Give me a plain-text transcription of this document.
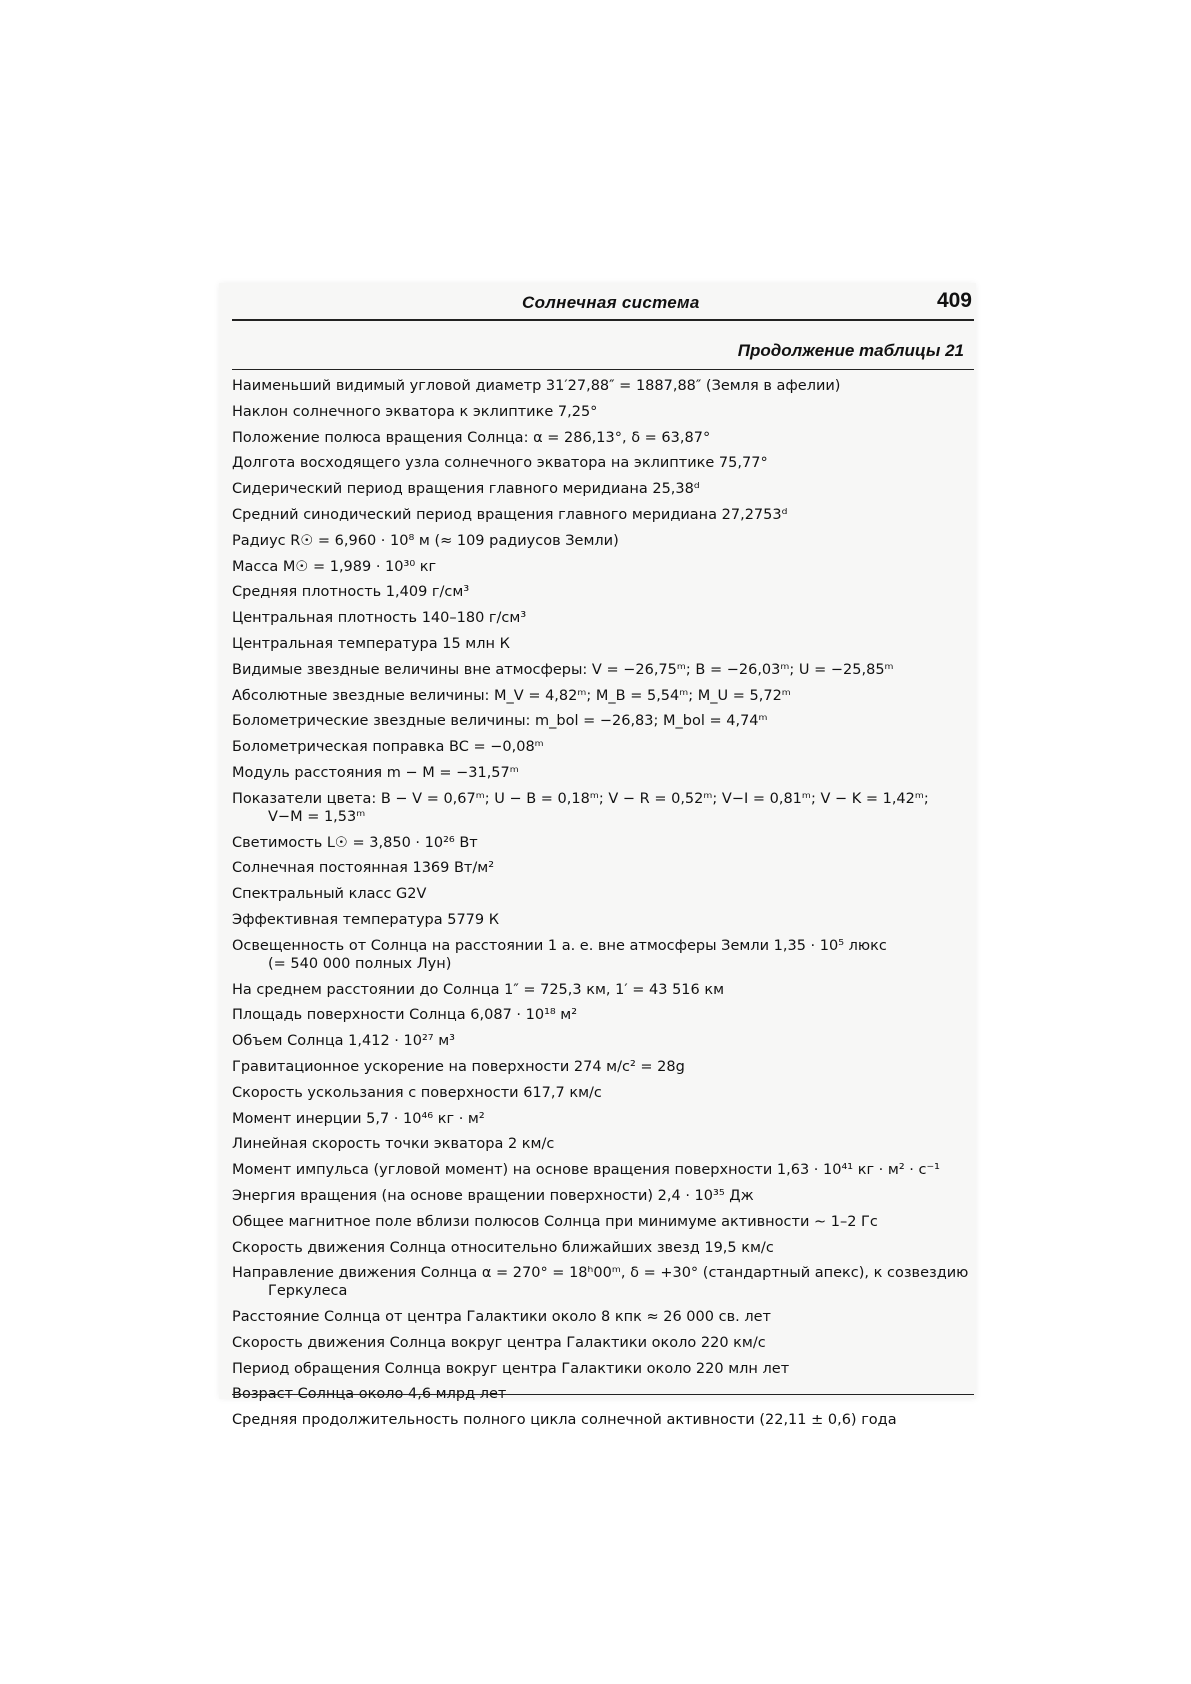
Солнечная система	409
Продолжение таблицы 21
Наименьший видимый угловой диаметр 31′27,88″ = 1887,88″ (Земля в афелии)
Наклон солнечного экватора к эклиптике 7,25°
Положение полюса вращения Солнца: α = 286,13°, δ = 63,87°
Долгота восходящего узла солнечного экватора на эклиптике 75,77°
Сидерический период вращения главного меридиана 25,38ᵈ
Средний синодический период вращения главного меридиана 27,2753ᵈ
Радиус R☉ = 6,960 · 10⁸ м (≈ 109 радиусов Земли)
Масса M☉ = 1,989 · 10³⁰ кг
Средняя плотность 1,409 г/см³
Центральная плотность 140–180 г/см³
Центральная температура 15 млн К
Видимые звездные величины вне атмосферы: V = −26,75ᵐ; B = −26,03ᵐ; U = −25,85ᵐ
Абсолютные звездные величины: M_V = 4,82ᵐ; M_B = 5,54ᵐ; M_U = 5,72ᵐ
Болометрические звездные величины: m_bol = −26,83; M_bol = 4,74ᵐ
Болометрическая поправка BC = −0,08ᵐ
Модуль расстояния m − M = −31,57ᵐ
Показатели цвета: B − V = 0,67ᵐ; U − B = 0,18ᵐ; V − R = 0,52ᵐ; V−I = 0,81ᵐ; V − K = 1,42ᵐ;
V−M = 1,53ᵐ
Светимость L☉ = 3,850 · 10²⁶ Вт
Солнечная постоянная 1369 Вт/м²
Спектральный класс G2V
Эффективная температура 5779 К
Освещенность от Солнца на расстоянии 1 а. е. вне атмосферы Земли 1,35 · 10⁵ люкс
(= 540 000 полных Лун)
На среднем расстоянии до Солнца 1″ = 725,3 км, 1′ = 43 516 км
Площадь поверхности Солнца 6,087 · 10¹⁸ м²
Объем Солнца 1,412 · 10²⁷ м³
Гравитационное ускорение на поверхности 274 м/с² = 28g
Скорость ускользания с поверхности 617,7 км/с
Момент инерции 5,7 · 10⁴⁶ кг · м²
Линейная скорость точки экватора 2 км/с
Момент импульса (угловой момент) на основе вращения поверхности 1,63 · 10⁴¹ кг · м² · с⁻¹
Энергия вращения (на основе вращении поверхности) 2,4 · 10³⁵ Дж
Общее магнитное поле вблизи полюсов Солнца при минимуме активности ∼ 1–2 Гс
Скорость движения Солнца относительно ближайших звезд 19,5 км/с
Направление движения Солнца α = 270° = 18ʰ00ᵐ, δ = +30° (стандартный апекс), к созвездию
Геркулеса
Расстояние Солнца от центра Галактики около 8 кпк ≈ 26 000 св. лет
Скорость движения Солнца вокруг центра Галактики около 220 км/с
Период обращения Солнца вокруг центра Галактики около 220 млн лет
Возраст Солнца около 4,6 млрд лет
Средняя продолжительность полного цикла солнечной активности (22,11 ± 0,6) года
